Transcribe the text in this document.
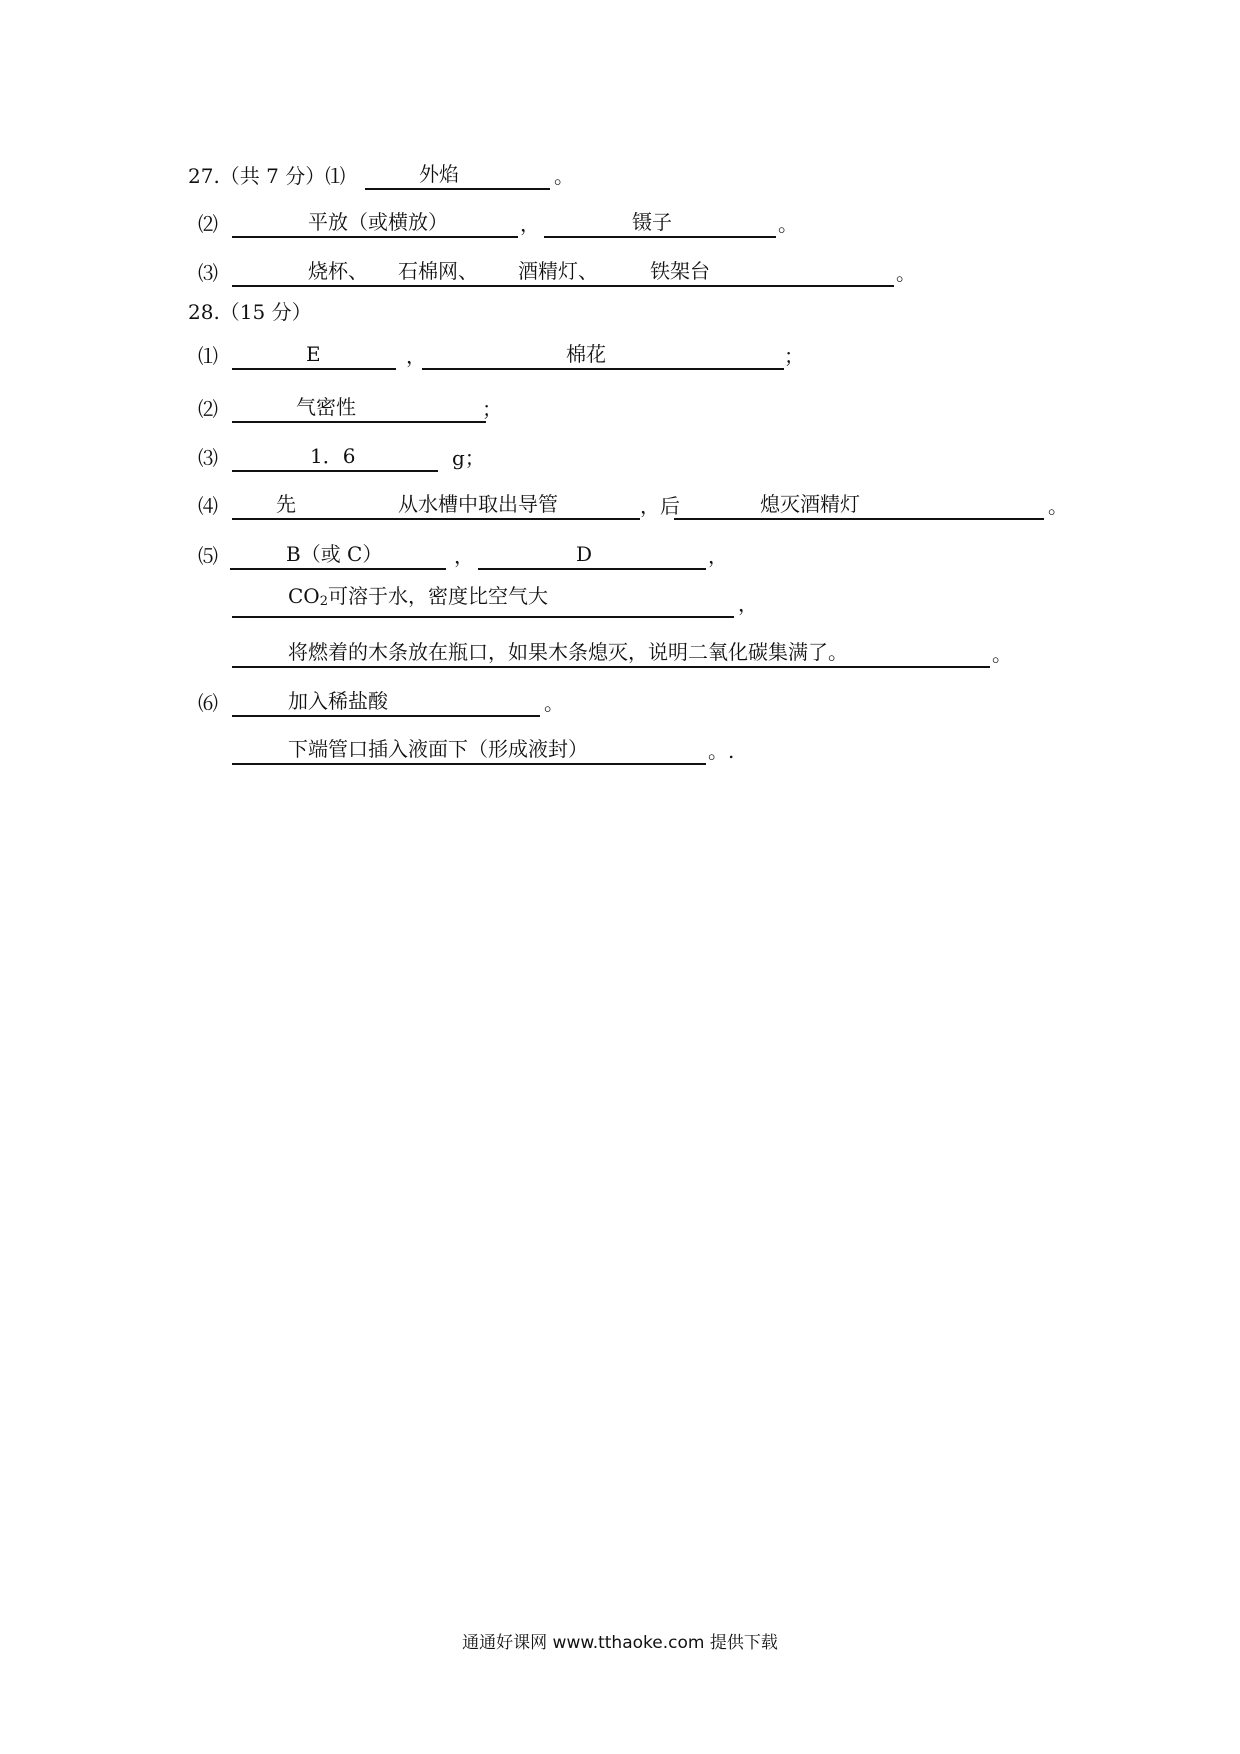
27.（共 7 分）⑴	外焰	。
⑵	平放（或横放）	，	镊子	。
⑶	烧杯、 石棉网、 酒精灯、	铁架台	。
28.（15 分）
⑴	E	，	棉花	；
⑵	气密性	；
⑶	1．6	g；
⑷	先	从水槽中取出导管	，后	熄灭酒精灯	。
⑸	B（或 C）	，	D	，
CO2可溶于水，密度比空气大	，
将燃着的木条放在瓶口，如果木条熄灭，说明二氧化碳集满了。	。
⑹	加入稀盐酸	。
下端管口插入液面下（形成液封）	。.
通通好课网 www.tthaoke.com 提供下载
